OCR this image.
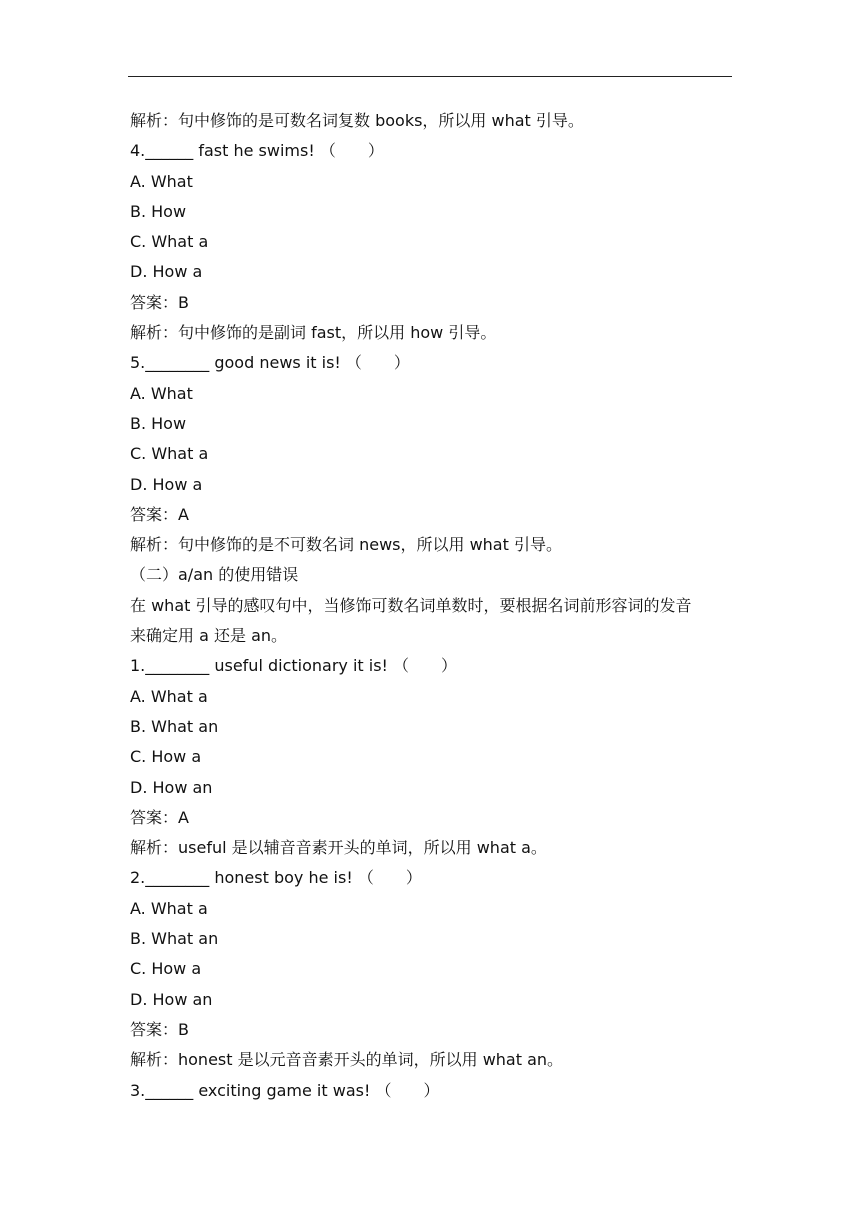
解析：句中修饰的是可数名词复数 books，所以用 what 引导。
4.______ fast he swims! （　　）
A. What
B. How
C. What a
D. How a
答案：B
解析：句中修饰的是副词 fast，所以用 how 引导。
5.________ good news it is! （　　）
A. What
B. How
C. What a
D. How a
答案：A
解析：句中修饰的是不可数名词 news，所以用 what 引导。
（二）a/an 的使用错误
在 what 引导的感叹句中，当修饰可数名词单数时，要根据名词前形容词的发音
来确定用 a 还是 an。
1.________ useful dictionary it is! （　　）
A. What a
B. What an
C. How a
D. How an
答案：A
解析：useful 是以辅音音素开头的单词，所以用 what a。
2.________ honest boy he is! （　　）
A. What a
B. What an
C. How a
D. How an
答案：B
解析：honest 是以元音音素开头的单词，所以用 what an。
3.______ exciting game it was! （　　）
